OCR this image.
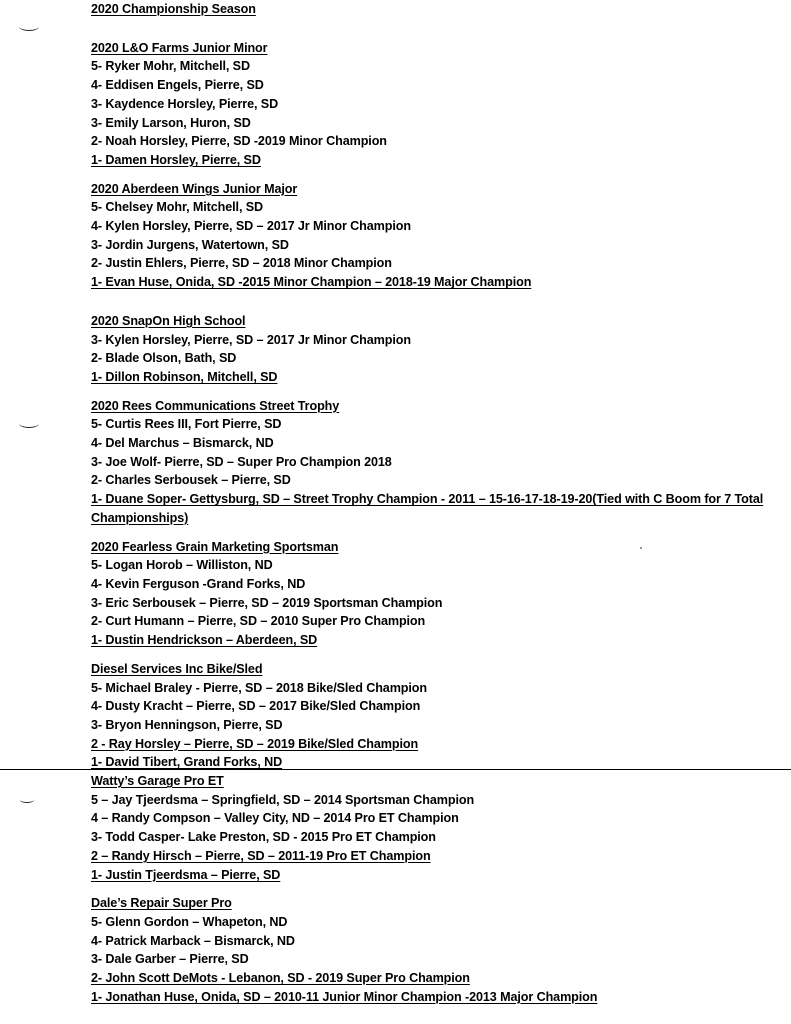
2020 Championship Season
2020 L&O Farms Junior Minor
5- Ryker Mohr, Mitchell, SD
4- Eddisen Engels, Pierre, SD
3- Kaydence Horsley, Pierre, SD
3- Emily Larson, Huron, SD
2- Noah Horsley, Pierre, SD -2019 Minor Champion
1- Damen Horsley, Pierre, SD
2020 Aberdeen Wings Junior Major
5- Chelsey Mohr, Mitchell, SD
4- Kylen Horsley, Pierre, SD – 2017 Jr Minor Champion
3- Jordin Jurgens, Watertown, SD
2- Justin Ehlers, Pierre, SD – 2018 Minor Champion
1- Evan Huse, Onida, SD -2015 Minor Champion – 2018-19 Major Champion
2020 SnapOn High School
3- Kylen Horsley, Pierre, SD – 2017 Jr Minor Champion
2- Blade Olson, Bath, SD
1- Dillon Robinson, Mitchell, SD
2020 Rees Communications Street Trophy
5- Curtis Rees III, Fort Pierre, SD
4- Del Marchus – Bismarck, ND
3- Joe Wolf- Pierre, SD – Super Pro Champion 2018
2- Charles Serbousek – Pierre, SD
1- Duane Soper- Gettysburg, SD – Street Trophy Champion - 2011 – 15-16-17-18-19-20(Tied with C Boom for 7 Total Championships)
2020 Fearless Grain Marketing Sportsman
5- Logan Horob – Williston, ND
4- Kevin Ferguson -Grand Forks, ND
3- Eric Serbousek – Pierre, SD – 2019 Sportsman Champion
2- Curt Humann – Pierre, SD – 2010 Super Pro Champion
1- Dustin Hendrickson – Aberdeen, SD
Diesel Services Inc Bike/Sled
5- Michael Braley - Pierre, SD – 2018 Bike/Sled Champion
4- Dusty Kracht – Pierre, SD – 2017 Bike/Sled Champion
3- Bryon Henningson, Pierre, SD
2 - Ray Horsley – Pierre, SD – 2019 Bike/Sled Champion
1- David Tibert, Grand Forks, ND
Watty’s Garage Pro ET
5 – Jay Tjeerdsma – Springfield, SD – 2014 Sportsman Champion
4 – Randy Compson – Valley City, ND – 2014 Pro ET Champion
3- Todd Casper- Lake Preston, SD - 2015 Pro ET Champion
2 – Randy Hirsch – Pierre, SD – 2011-19 Pro ET Champion
1- Justin Tjeerdsma – Pierre, SD
Dale’s Repair Super Pro
5- Glenn Gordon – Whapeton, ND
4- Patrick Marback – Bismarck, ND
3- Dale Garber – Pierre, SD
2- John Scott DeMots - Lebanon, SD - 2019 Super Pro Champion
1- Jonathan Huse, Onida, SD – 2010-11 Junior Minor Champion -2013 Major Champion
